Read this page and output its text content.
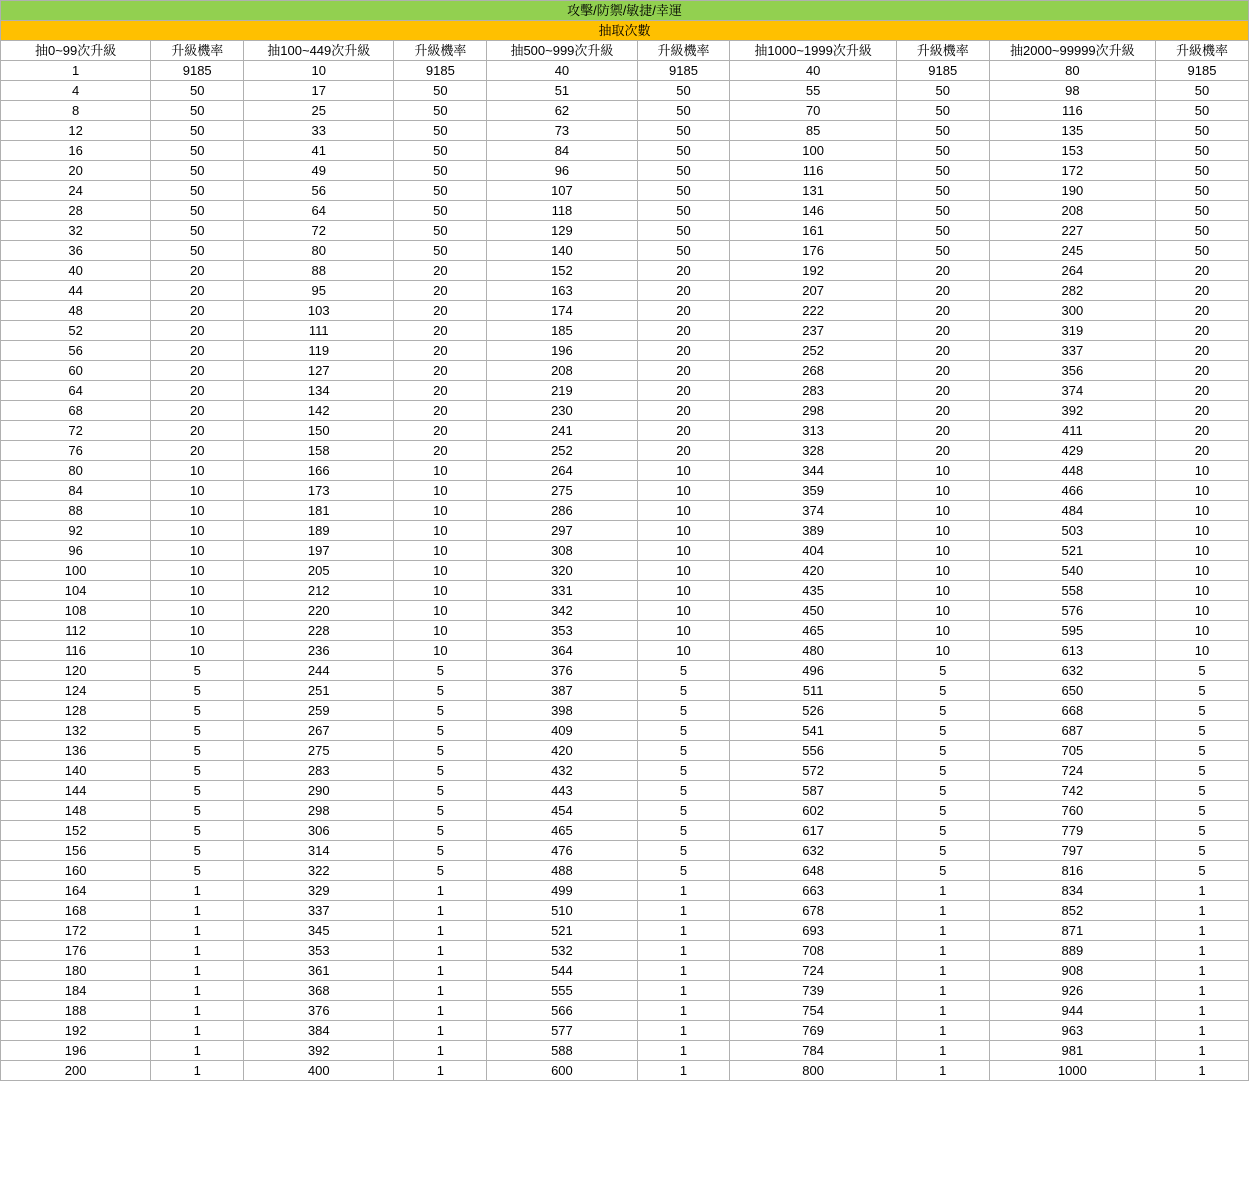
攻擊/防禦/敏捷/幸運									
抽取次數									
抽0~99次升級	升級機率	抽100~449次升級	升級機率	抽500~999次升級	升級機率	抽1000~1999次升級	升級機率	抽2000~99999次升級	升級機率
1	9185	10	9185	40	9185	40	9185	80	9185
4	50	17	50	51	50	55	50	98	50
8	50	25	50	62	50	70	50	116	50
12	50	33	50	73	50	85	50	135	50
16	50	41	50	84	50	100	50	153	50
20	50	49	50	96	50	116	50	172	50
24	50	56	50	107	50	131	50	190	50
28	50	64	50	118	50	146	50	208	50
32	50	72	50	129	50	161	50	227	50
36	50	80	50	140	50	176	50	245	50
40	20	88	20	152	20	192	20	264	20
44	20	95	20	163	20	207	20	282	20
48	20	103	20	174	20	222	20	300	20
52	20	111	20	185	20	237	20	319	20
56	20	119	20	196	20	252	20	337	20
60	20	127	20	208	20	268	20	356	20
64	20	134	20	219	20	283	20	374	20
68	20	142	20	230	20	298	20	392	20
72	20	150	20	241	20	313	20	411	20
76	20	158	20	252	20	328	20	429	20
80	10	166	10	264	10	344	10	448	10
84	10	173	10	275	10	359	10	466	10
88	10	181	10	286	10	374	10	484	10
92	10	189	10	297	10	389	10	503	10
96	10	197	10	308	10	404	10	521	10
100	10	205	10	320	10	420	10	540	10
104	10	212	10	331	10	435	10	558	10
108	10	220	10	342	10	450	10	576	10
112	10	228	10	353	10	465	10	595	10
116	10	236	10	364	10	480	10	613	10
120	5	244	5	376	5	496	5	632	5
124	5	251	5	387	5	511	5	650	5
128	5	259	5	398	5	526	5	668	5
132	5	267	5	409	5	541	5	687	5
136	5	275	5	420	5	556	5	705	5
140	5	283	5	432	5	572	5	724	5
144	5	290	5	443	5	587	5	742	5
148	5	298	5	454	5	602	5	760	5
152	5	306	5	465	5	617	5	779	5
156	5	314	5	476	5	632	5	797	5
160	5	322	5	488	5	648	5	816	5
164	1	329	1	499	1	663	1	834	1
168	1	337	1	510	1	678	1	852	1
172	1	345	1	521	1	693	1	871	1
176	1	353	1	532	1	708	1	889	1
180	1	361	1	544	1	724	1	908	1
184	1	368	1	555	1	739	1	926	1
188	1	376	1	566	1	754	1	944	1
192	1	384	1	577	1	769	1	963	1
196	1	392	1	588	1	784	1	981	1
200	1	400	1	600	1	800	1	1000	1
